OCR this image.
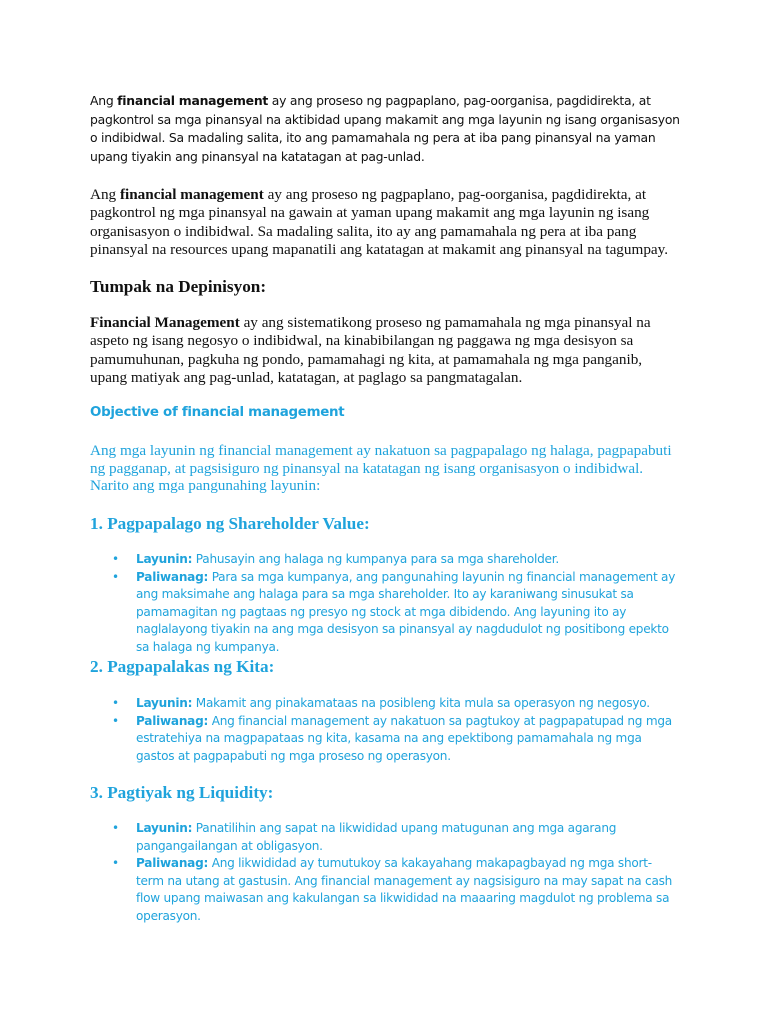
Ang financial management ay ang proseso ng pagpaplano, pag-oorganisa, pagdidirekta, at pagkontrol sa mga pinansyal na aktibidad upang makamit ang mga layunin ng isang organisasyon o indibidwal. Sa madaling salita, ito ang pamamahala ng pera at iba pang pinansyal na yaman upang tiyakin ang pinansyal na katatagan at pag-unlad.

Ang financial management ay ang proseso ng pagpaplano, pag-oorganisa, pagdidirekta, at pagkontrol ng mga pinansyal na gawain at yaman upang makamit ang mga layunin ng isang organisasyon o indibidwal. Sa madaling salita, ito ay ang pamamahala ng pera at iba pang pinansyal na resources upang mapanatili ang katatagan at makamit ang pinansyal na tagumpay.

Tumpak na Depinisyon:

Financial Management ay ang sistematikong proseso ng pamamahala ng mga pinansyal na aspeto ng isang negosyo o indibidwal, na kinabibilangan ng paggawa ng mga desisyon sa pamumuhunan, pagkuha ng pondo, pamamahagi ng kita, at pamamahala ng mga panganib, upang matiyak ang pag-unlad, katatagan, at paglago sa pangmatagalan.

Objective of financial management

Ang mga layunin ng financial management ay nakatuon sa pagpapalago ng halaga, pagpapabuti ng pagganap, at pagsisiguro ng pinansyal na katatagan ng isang organisasyon o indibidwal. Narito ang mga pangunahing layunin:

1. Pagpapalago ng Shareholder Value:
• Layunin: Pahusayin ang halaga ng kumpanya para sa mga shareholder.
• Paliwanag: Para sa mga kumpanya, ang pangunahing layunin ng financial management ay ang maksimahe ang halaga para sa mga shareholder. Ito ay karaniwang sinusukat sa pamamagitan ng pagtaas ng presyo ng stock at mga dibidendo. Ang layuning ito ay naglalayong tiyakin na ang mga desisyon sa pinansyal ay nagdudulot ng positibong epekto sa halaga ng kumpanya.
2. Pagpapalakas ng Kita:
• Layunin: Makamit ang pinakamataas na posibleng kita mula sa operasyon ng negosyo.
• Paliwanag: Ang financial management ay nakatuon sa pagtukoy at pagpapatupad ng mga estratehiya na magpapataas ng kita, kasama na ang epektibong pamamahala ng mga gastos at pagpapabuti ng mga proseso ng operasyon.
3. Pagtiyak ng Liquidity:
• Layunin: Panatilihin ang sapat na likwididad upang matugunan ang mga agarang pangangailangan at obligasyon.
• Paliwanag: Ang likwididad ay tumutukoy sa kakayahang makapagbayad ng mga short-term na utang at gastusin. Ang financial management ay nagsisiguro na may sapat na cash flow upang maiwasan ang kakulangan sa likwididad na maaaring magdulot ng problema sa operasyon.
